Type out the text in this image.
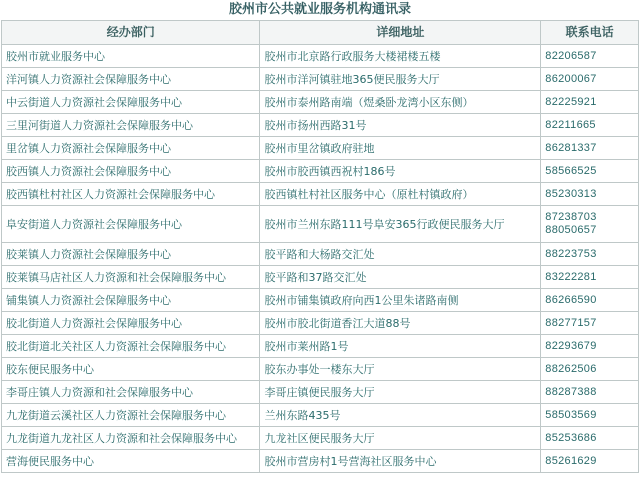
胶州市公共就业服务机构通讯录
经办部门	详细地址	联系电话
胶州市就业服务中心	胶州市北京路行政服务大楼裙楼五楼	82206587

洋河镇人力资源社会保障服务中心	胶州市洋河镇驻地365便民服务大厅	86200067

中云街道人力资源社会保障服务中心	胶州市泰州路南端（煜桑卧龙湾小区东侧）	82225921

三里河街道人力资源社会保障服务中心	胶州市扬州西路31号	82211665

里岔镇人力资源社会保障服务中心	胶州市里岔镇政府驻地	86281337

胶西镇人力资源社会保障服务中心	胶州市胶西镇西祝村186号	58566525

胶西镇杜村社区人力资源社会保障服务中心	胶西镇杜村社区服务中心（原杜村镇政府）	85230313

阜安街道人力资源社会保障服务中心	胶州市兰州东路111号阜安365行政便民服务大厅	87238703
88050657

胶莱镇人力资源社会保障服务中心	胶平路和大杨路交汇处	88223753

胶莱镇马店社区人力资源和社会保障服务中心	胶平路和37路交汇处	83222281

铺集镇人力资源社会保障服务中心	胶州市铺集镇政府向西1公里朱诸路南侧	86266590

胶北街道人力资源社会保障服务中心	胶州市胶北街道香江大道88号	88277157

胶北街道北关社区人力资源社会保障服务中心	胶州市莱州路1号	82293679

胶东便民服务中心	胶东办事处一楼东大厅	88262506

李哥庄镇人力资源和社会保障服务中心	李哥庄镇便民服务大厅	88287388

九龙街道云溪社区人力资源社会保障服务中心	兰州东路435号	58503569

九龙街道九龙社区人力资源和社会保障服务中心	九龙社区便民服务大厅	85253686

营海便民服务中心	胶州市营房村1号营海社区服务中心	85261629
